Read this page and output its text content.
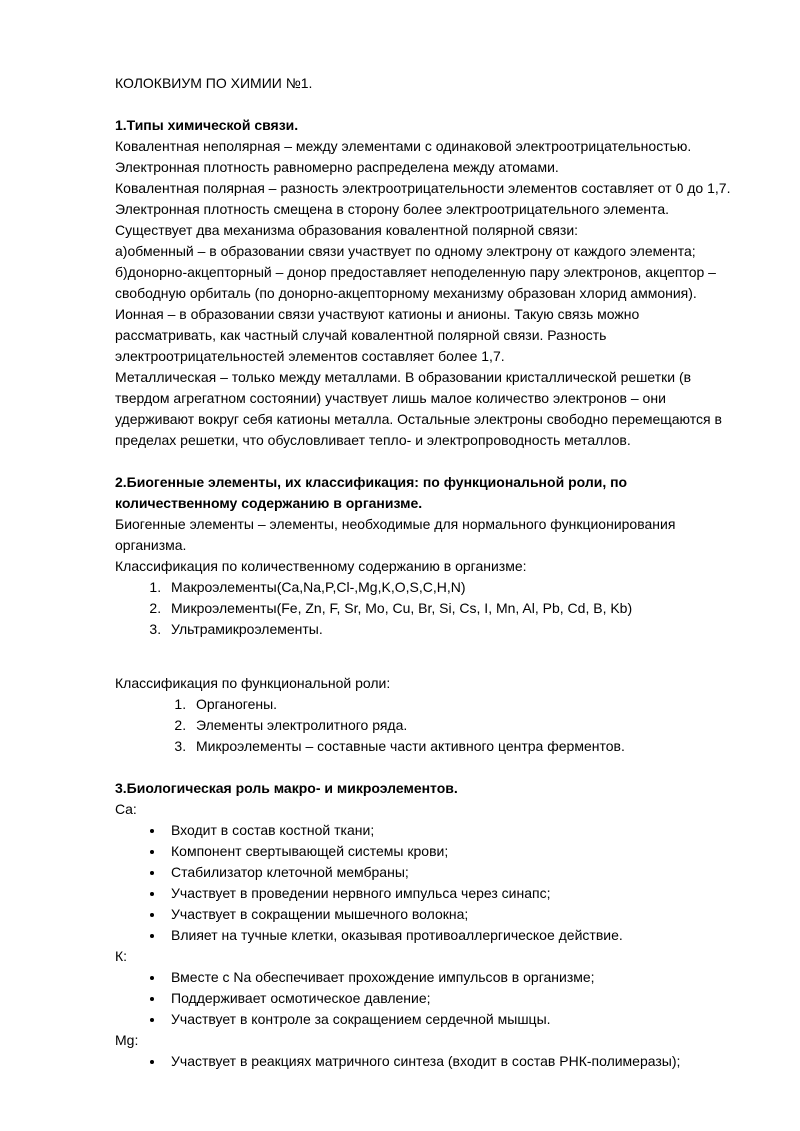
КОЛОКВИУМ ПО ХИМИИ №1.

1.Типы химической связи.

Ковалентная неполярная – между элементами с одинаковой электроотрицательностью. Электронная плотность равномерно распределена между атомами.

Ковалентная полярная – разность электроотрицательности элементов составляет от 0 до 1,7. Электронная плотность смещена в сторону более электроотрицательного элемента. Существует два механизма образования ковалентной полярной связи:

а)обменный – в образовании связи участвует по одному электрону от каждого элемента;

б)донорно-акцепторный – донор предоставляет неподеленную пару электронов, акцептор – свободную орбиталь (по донорно-акцепторному механизму образован хлорид аммония).

Ионная – в образовании связи участвуют катионы и анионы. Такую связь можно рассматривать, как частный случай ковалентной полярной связи. Разность электроотрицательностей элементов составляет более 1,7.

Металлическая – только между металлами. В образовании кристаллической решетки (в твердом агрегатном состоянии) участвует лишь малое количество электронов – они удерживают вокруг себя катионы металла. Остальные электроны свободно перемещаются в пределах решетки, что обусловливает тепло- и электропроводность металлов.

2.Биогенные элементы, их классификация: по функциональной роли, по количественному содержанию в организме.

Биогенные элементы – элементы, необходимые для нормального функционирования организма.

Классификация по количественному содержанию в организме:

1. Макроэлементы(Ca,Na,P,Cl-,Mg,K,O,S,C,H,N)
2. Микроэлементы(Fe, Zn, F, Sr, Mo, Cu, Br, Si, Cs, I, Mn, Al, Pb, Cd, B, Kb)
3. Ультрамикроэлементы.

Классификация по функциональной роли:

1. Органогены.
2. Элементы электролитного ряда.
3. Микроэлементы – составные части активного центра ферментов.

3.Биологическая роль макро- и микроэлементов.

Ca:

• Входит в состав костной ткани;
• Компонент свертывающей системы крови;
• Стабилизатор клеточной мембраны;
• Участвует в проведении нервного импульса через синапс;
• Участвует в сокращении мышечного волокна;
• Влияет на тучные клетки, оказывая противоаллергическое действие.

К:

• Вместе с Na обеспечивает прохождение импульсов в организме;
• Поддерживает осмотическое давление;
• Участвует в контроле за сокращением сердечной мышцы.

Mg:

• Участвует в реакциях матричного синтеза (входит в состав РНК-полимеразы);
